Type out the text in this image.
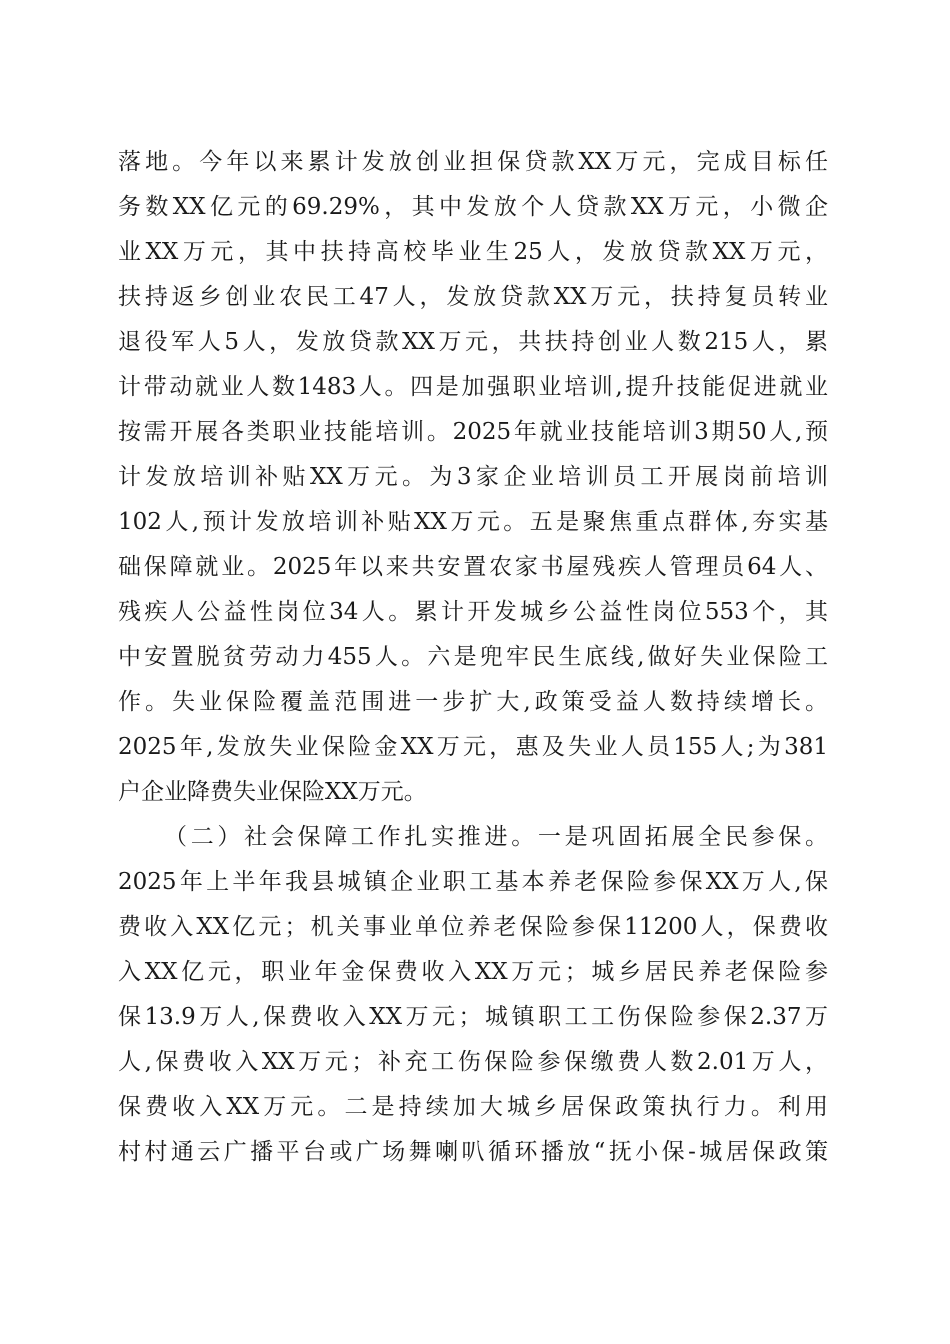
落地。今年以来累计发放创业担保贷款XX万元，完成目标任
务数XX亿元的69.29%，其中发放个人贷款XX万元，小微企
业XX万元，其中扶持高校毕业生25人，发放贷款XX万元，
扶持返乡创业农民工47人，发放贷款XX万元，扶持复员转业
退役军人5人，发放贷款XX万元，共扶持创业人数215人，累
计带动就业人数1483人。四是加强职业培训,提升技能促进就业
按需开展各类职业技能培训。2025年就业技能培训3期50人,预
计发放培训补贴XX万元。为3家企业培训员工开展岗前培训
102人,预计发放培训补贴XX万元。五是聚焦重点群体,夯实基
础保障就业。2025年以来共安置农家书屋残疾人管理员64人、
残疾人公益性岗位34人。累计开发城乡公益性岗位553个，其
中安置脱贫劳动力455人。六是兜牢民生底线,做好失业保险工
作。失业保险覆盖范围进一步扩大,政策受益人数持续增长。
2025年,发放失业保险金XX万元，惠及失业人员155人;为381
户企业降费失业保险XX万元。
（二）社会保障工作扎实推进。一是巩固拓展全民参保。
2025年上半年我县城镇企业职工基本养老保险参保XX万人,保
费收入XX亿元；机关事业单位养老保险参保11200人，保费收
入XX亿元，职业年金保费收入XX万元；城乡居民养老保险参
保13.9万人,保费收入XX万元；城镇职工工伤保险参保2.37万
人,保费收入XX万元；补充工伤保险参保缴费人数2.01万人，
保费收入XX万元。二是持续加大城乡居保政策执行力。利用
村村通云广播平台或广场舞喇叭循环播放“抚小保-城居保政策
